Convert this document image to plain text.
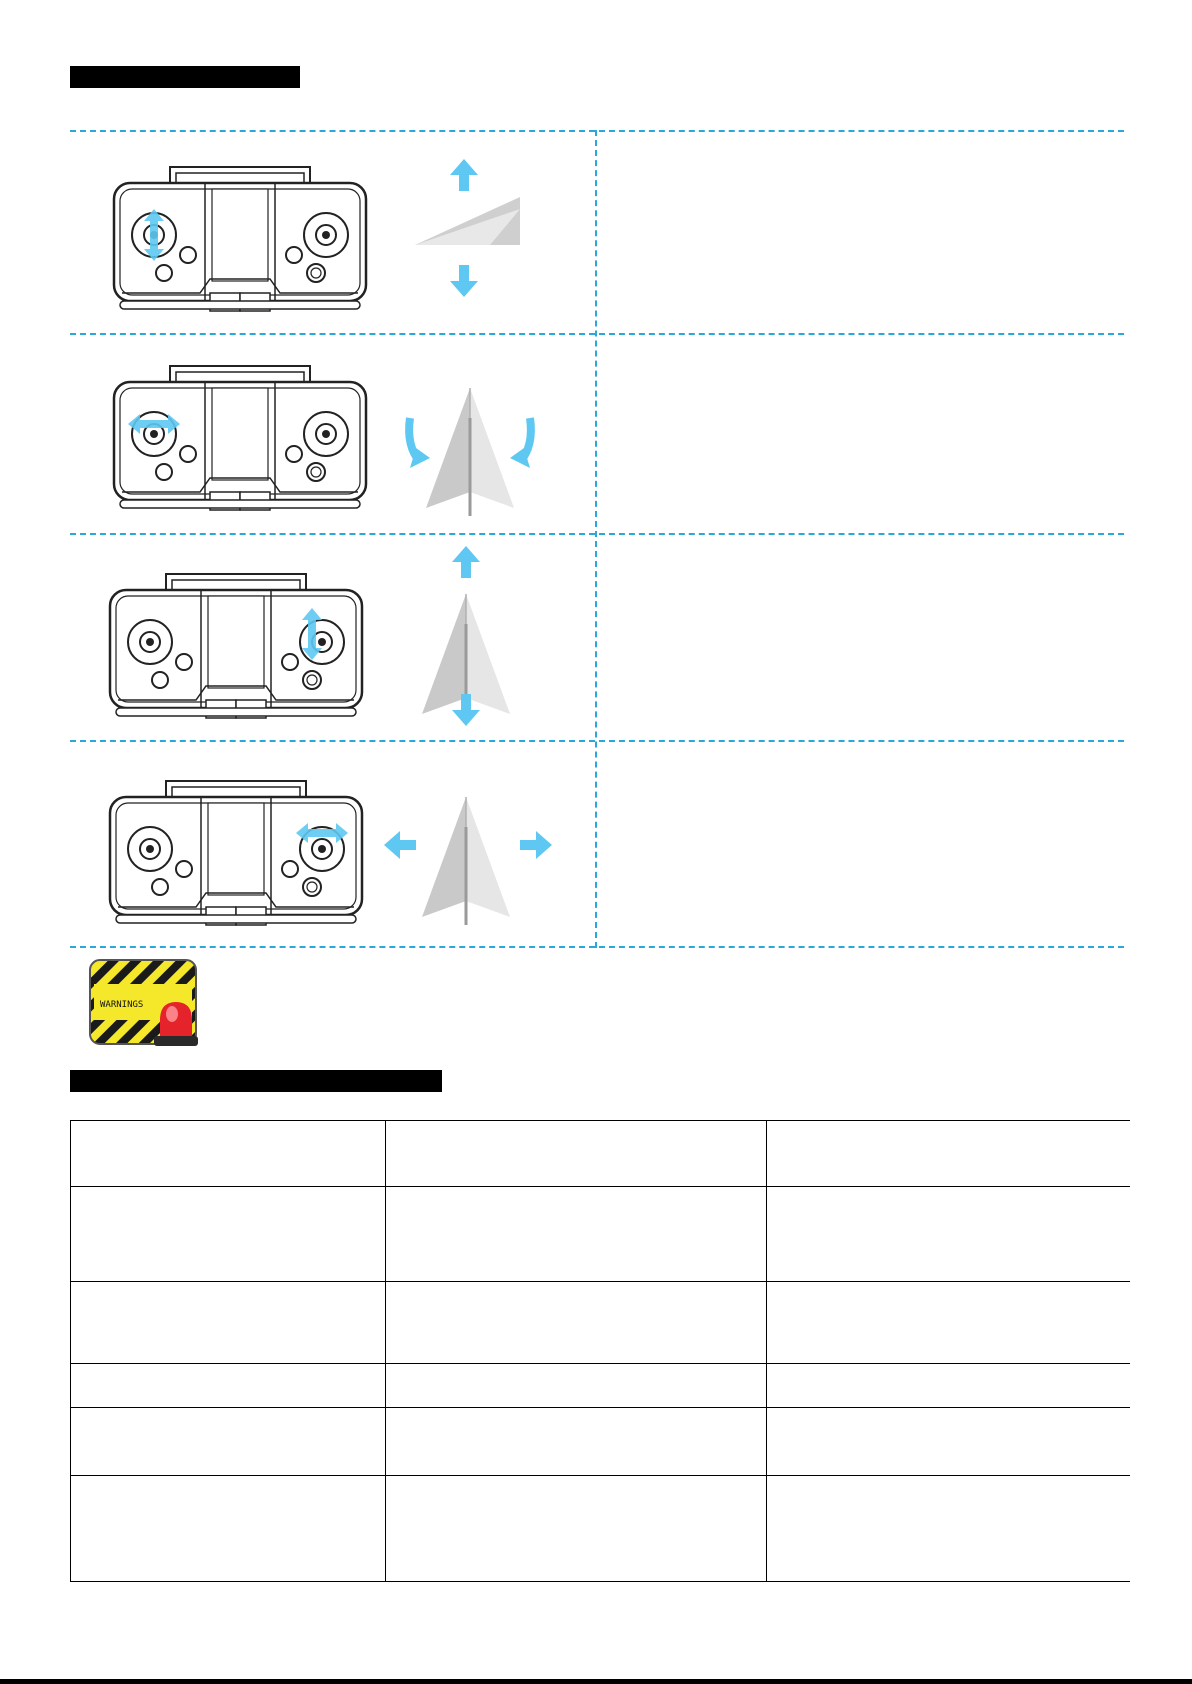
WARNINGS
